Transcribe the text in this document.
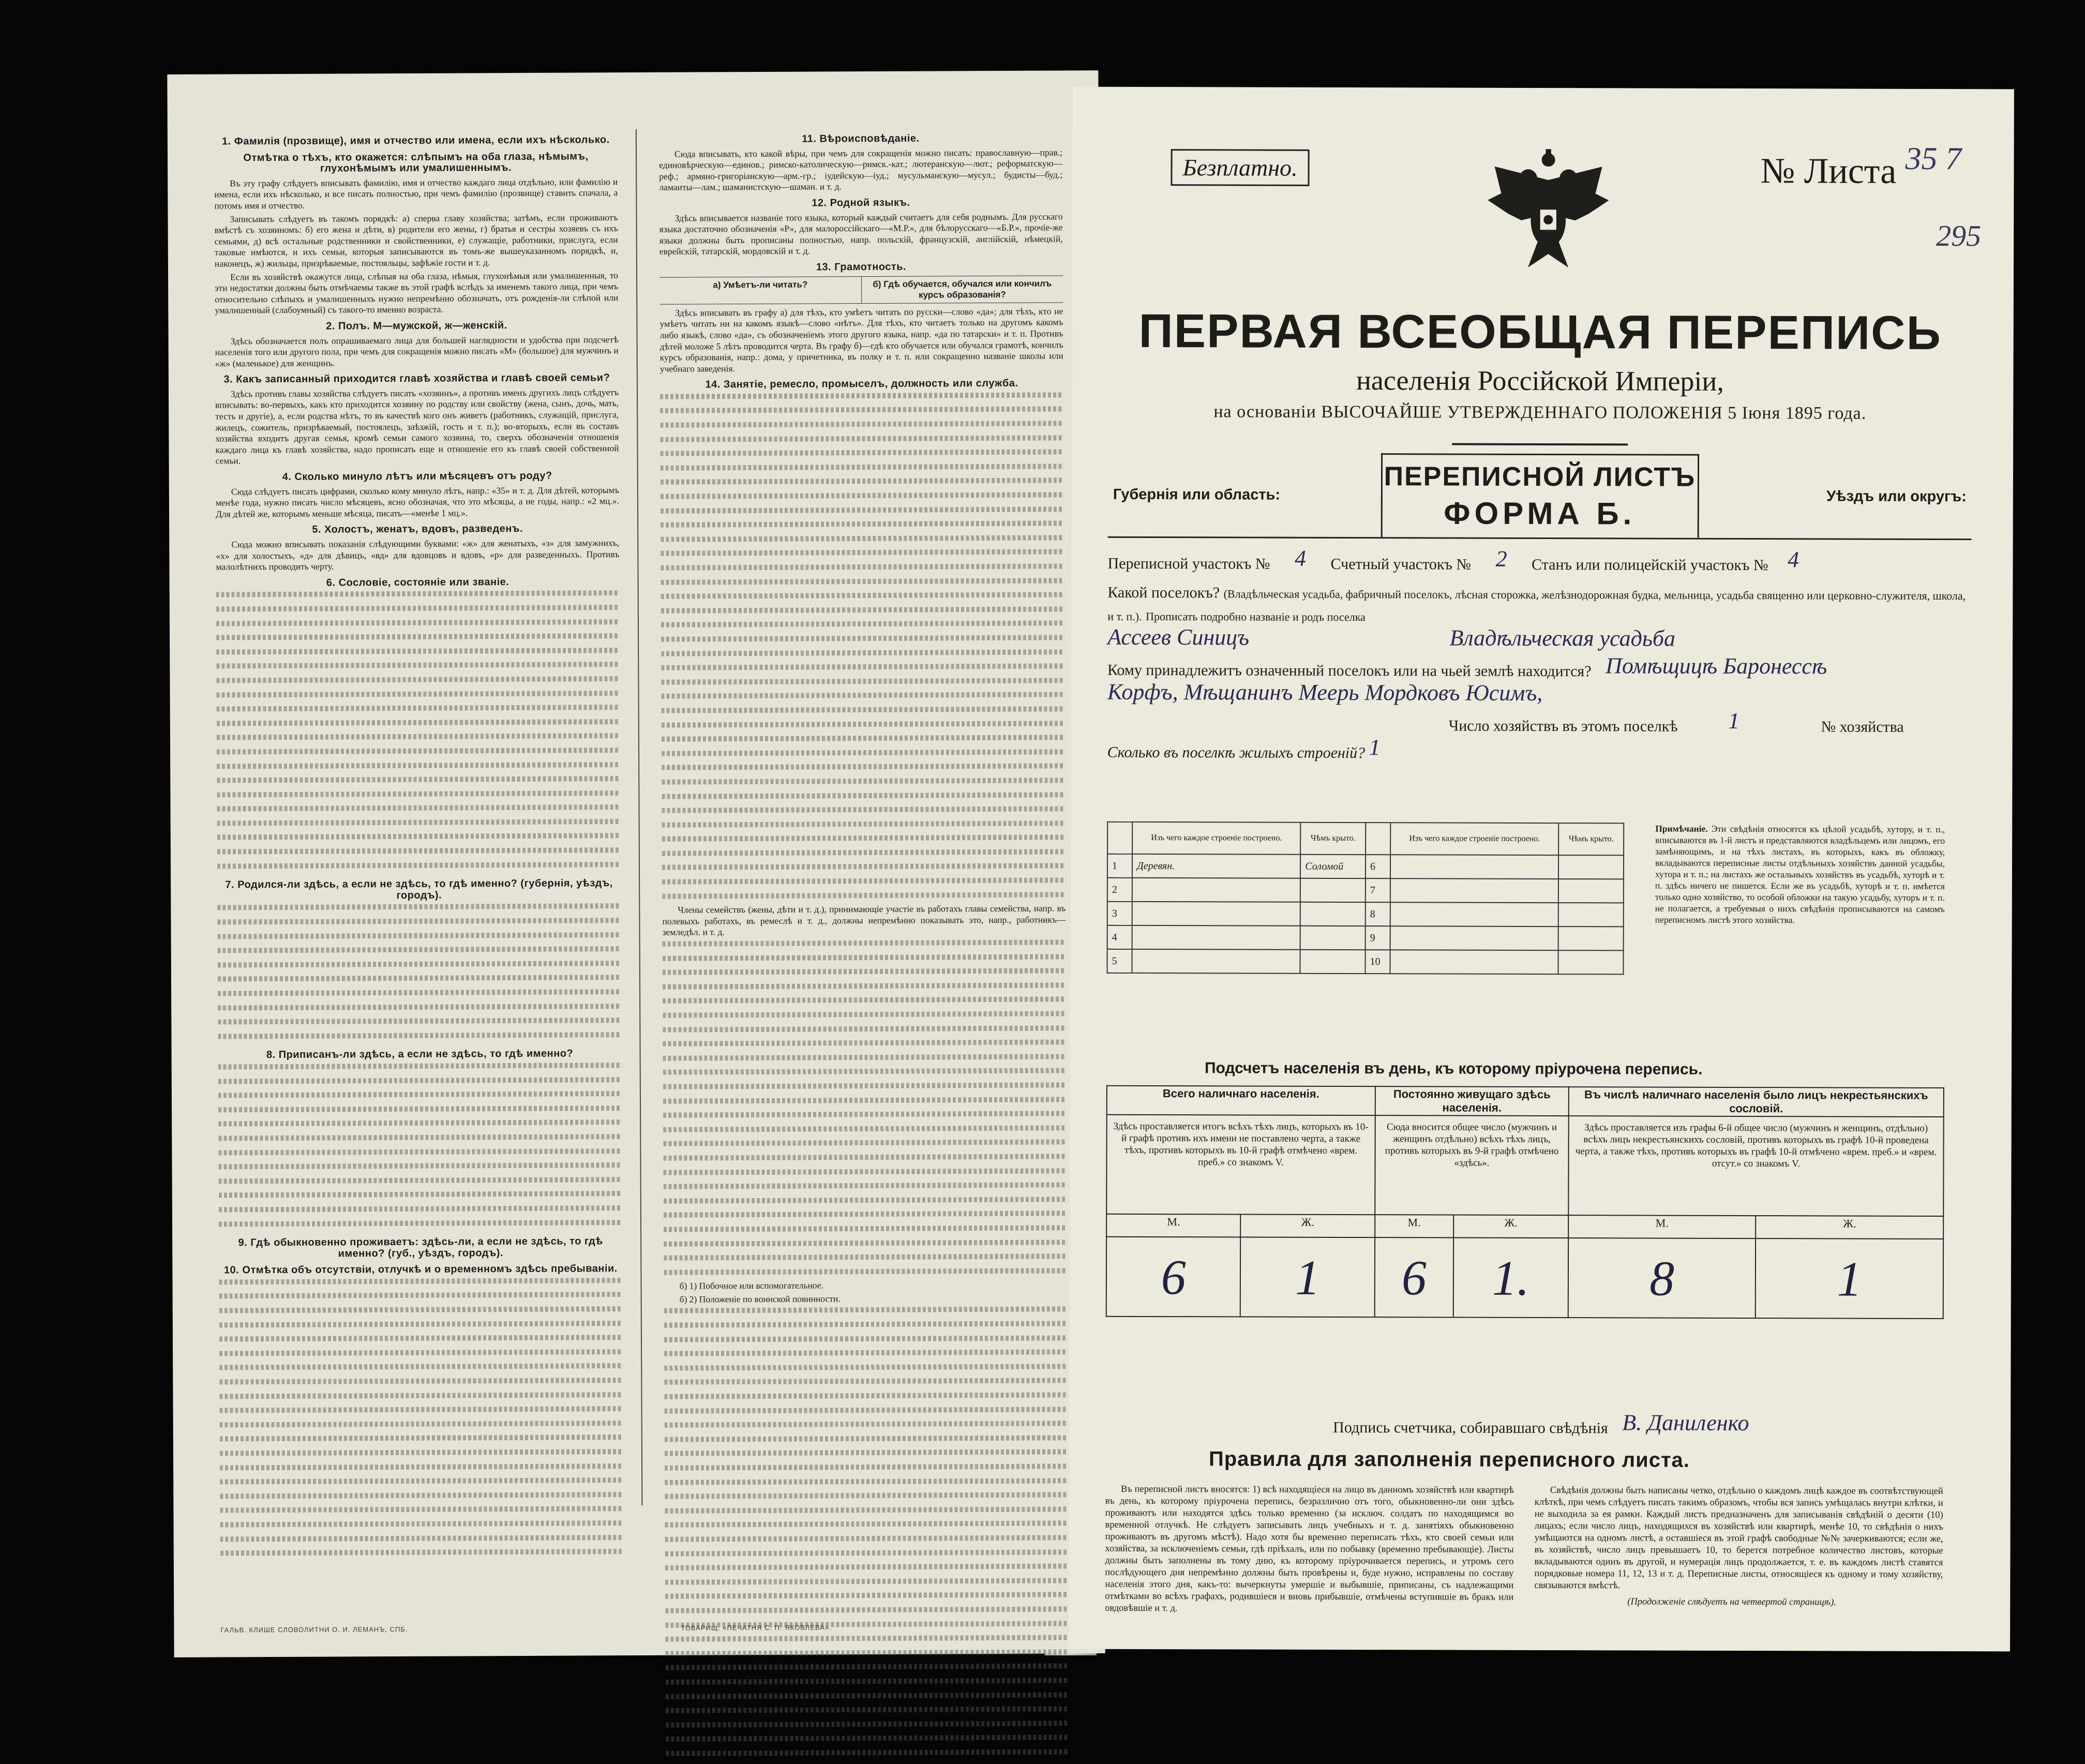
1. Фамилія (прозвище), имя и отчество или имена, если ихъ нѣсколько.
Отмѣтка о тѣхъ, кто окажется: слѣпымъ на оба глаза, нѣмымъ, глухонѣмымъ или умалишеннымъ.
Въ эту графу слѣдуетъ вписывать фамилію, имя и отчество каждаго лица отдѣльно, или фамилію и имена, если ихъ нѣсколько, и все писать полностью, при чемъ фамилію (прозвище) ставить спачала, а потомъ имя и отчество.
Записывать слѣдуетъ въ такомъ порядкѣ: а) сперва главу хозяйства; затѣмъ, если проживаютъ вмѣстѣ съ хозяиномъ: б) его жена и дѣти, в) родители его жены, г) братья и сестры хозяевъ съ ихъ семьями, д) всѣ остальные родственники и свойственники, е) служащіе, работники, прислуга, если таковые имѣются, и ихъ семьи, которыя записываются въ томъ-же вышеуказанномъ порядкѣ, и, наконецъ, ж) жильцы, призрѣваемые, постояльцы, зафѣжіе гости и т. д.
Если въ хозяйствѣ окажутся лица, слѣпыя на оба глаза, нѣмыя, глухонѣмыя или умалишенныя, то эти недостатки должны быть отмѣчаемы также въ этой графѣ вслѣдъ за именемъ такого лица, при чемъ относительно слѣпыхъ и умалишенныхъ нужно непремѣнно обозначать, отъ рожденія-ли слѣпой или умалишенный (слабоумный) съ такого-то именно возраста.
2. Полъ. М—мужской, ж—женскій.
Здѣсь обозначается полъ опрашиваемаго лица для большей наглядности и удобства при подсчетѣ населенія того или другого пола, при чемъ для сокращенія можно писать «М» (большое) для мужчинъ и «ж» (маленькое) для женщинъ.
3. Какъ записанный приходится главѣ хозяйства и главѣ своей семьи?
Здѣсь противъ главы хозяйства слѣдуетъ писать «хозяинъ», а противъ именъ другихъ лицъ слѣдуетъ вписывать: во-первыхъ, какъ кто приходится хозяину по родству или свойству (жена, сынъ, дочь, мать, тесть и другіе), а, если родства нѣтъ, то въ качествѣ кого онъ живетъ (работникъ, служащій, прислуга, жилецъ, сожитель, призрѣваемый, постоялецъ, заѣзжій, гость и т. п.); во-вторыхъ, если въ составъ хозяйства входитъ другая семья, кромѣ семьи самого хозяина, то, сверхъ обозначенія отношенія каждаго лица къ главѣ хозяйства, надо прописать еще и отношеніе его къ главѣ своей собственной семьи.
4. Сколько минуло лѣтъ или мѣсяцевъ отъ роду?
Сюда слѣдуетъ писать цифрами, сколько кому минуло лѣтъ, напр.: «35» и т. д. Для дѣтей, которымъ менѣе года, нужно писать число мѣсяцевъ, ясно обозначая, что это мѣсяцы, а не годы, напр.: «2 мц.». Для дѣтей же, которымъ меньше мѣсяца, писать—«менѣе 1 мц.».
5. Холостъ, женатъ, вдовъ, разведенъ.
Сюда можно вписывать показанія слѣдующими буквами: «ж» для женатыхъ, «з» для замужнихъ, «х» для холостыхъ, «д» для дѣвицъ, «вд» для вдовцовъ и вдовъ, «р» для разведенныхъ. Противъ малолѣтнихъ проводить черту.
6. Сословіе, состояніе или званіе.
7. Родился-ли здѣсь, а если не здѣсь, то гдѣ именно? (губернія, уѣздъ, городъ).
8. Приписанъ-ли здѣсь, а если не здѣсь, то гдѣ именно?
9. Гдѣ обыкновенно проживаетъ: здѣсь-ли, а если не здѣсь, то гдѣ именно? (губ., уѣздъ, городъ).
10. Отмѣтка объ отсутствіи, отлучкѣ и о временномъ здѣсь пребываніи.
11. Вѣроисповѣданіе.
Сюда вписывать, кто какой вѣры, при чемъ для сокращенія можно писать: православную—прав.; единовѣрческую—единов.; римско-католическую—римск.-кат.; лютеранскую—лют.; реформатскую—реф.; армяно-григоріанскую—арм.-гр.; іудейскую—іуд.; мусульманскую—мусул.; будисты—буд.; ламаиты—лам.; шаманистскую—шаман. и т. д.
12. Родной языкъ.
Здѣсь вписывается названіе того языка, который каждый считаетъ для себя роднымъ. Для русскаго языка достаточно обозначенія «Р», для малороссійскаго—«М.Р.», для бѣлорусскаго—«Б.Р.», прочіе-же языки должны быть прописаны полностью, напр. польскій, французскій, англійскій, нѣмецкій, еврейскій, татарскій, мордовскій и т. д.
13. Грамотность.
а) Умѣетъ-ли читать?	б) Гдѣ обучается, обучался или кончилъ курсъ образованія?
Здѣсь вписывать въ графу а) для тѣхъ, кто умѣетъ читать по русски—слово «да»; для тѣхъ, кто не умѣетъ читать ни на какомъ языкѣ—слово «нѣтъ». Для тѣхъ, кто читаетъ только на другомъ какомъ либо языкѣ, слово «да», съ обозначеніемъ этого другого языка, напр. «да по татарски» и т. п. Противъ дѣтей моложе 5 лѣтъ проводится черта. Въ графу б)—гдѣ кто обучается или обучался грамотѣ, кончилъ курсъ образованія, напр.: дома, у причетника, въ полку и т. п. или сокращенно названіе школы или учебнаго заведенія.
14. Занятіе, ремесло, промыселъ, должность или служба.
Члены семействъ (жены, дѣти и т. д.), принимающіе участіе въ работахъ главы семейства, напр. въ полевыхъ работахъ, въ ремеслѣ и т. д., должны непремѣнно показывать это, напр., работникъ—земледѣл. и т. д.
б) 1) Побочное или вспомогательное.
б) 2) Положеніе по воинской повинности.
ГАЛЬВ. КЛИШЕ СЛОВОЛИТНИ О. И. ЛЕМАНЪ, СПБ.	ТОВАРИЩ. «ПЕЧАТНЯ С. П. ЯКОВЛЕВА».
Безплатно.	№ Листа 35 7
295
ПЕРВАЯ ВСЕОБЩАЯ ПЕРЕПИСЬ
населенія Россійской Имперіи,
на основаніи ВЫСОЧАЙШЕ УТВЕРЖДЕННАГО ПОЛОЖЕНІЯ 5 Іюня 1895 года.
Губернія или область:
ПЕРЕПИСНОЙ ЛИСТЪ
ФОРМА Б.	Уѣздъ или округъ:
Переписной участокъ № 4 Счетный участокъ № 2 Станъ или полицейскій участокъ № 4
Какой поселокъ? (Владѣльческая усадьба, фабричный поселокъ, лѣсная сторожка, желѣзнодорожная будка, мельница, усадьба священно или церковно-служителя, школа, и т. п.). Прописать подробно названіе и родъ поселка
Ассеев Синицъ	Владѣльческая усадьба
Кому принадлежитъ означенный поселокъ или на чьей землѣ находится? Помѣщицѣ Баронессѣ
Корфъ, Мѣщанинъ Меерь Мордковъ Юсимъ,
Число хозяйствъ въ этомъ поселкѣ 1	№ хозяйства
Сколько въ поселкѣ жилыхъ строеній? 1
	Изъ чего каждое строеніе построено.	Чѣмъ крыто.		Изъ чего каждое строеніе построено.	Чѣмъ крыто.
1	Деревян.	Соломой	6		
2			7		
3			8		
4			9		
5			10		
Примѣчаніе. Эти свѣдѣнія относятся къ цѣлой усадьбѣ, хутору, и т. п., вписываются въ 1-й листъ и представляются владѣльцемъ или лицомъ, его замѣняющимъ, и на тѣхъ листахъ, въ которыхъ, какъ въ обложку, вкладываются переписные листы отдѣльныхъ хозяйствъ данной усадьбы, хутора и т. п.; на листахъ же остальныхъ хозяйствъ въ усадьбѣ, хуторѣ и т. п. здѣсь ничего не пишется. Если же въ усадьбѣ, хуторѣ и т. п. имѣется только одно хозяйство, то особой обложки на такую усадьбу, хуторъ и т. п. не полагается, а требуемыя о нихъ свѣдѣнія прописываются на самомъ переписномъ листѣ этого хозяйства.
Подсчетъ населенія въ день, къ которому пріурочена перепись.
Всего наличнаго населенія.		Постоянно живущаго здѣсь населенія.		Въ числѣ наличнаго населенія было лицъ некрестьянскихъ сословій.	
Здѣсь проставляется итогъ всѣхъ тѣхъ лицъ, которыхъ въ 10-й графѣ противъ ихъ имени не поставлено черта, а также тѣхъ, противъ которыхъ въ 10-й графѣ отмѣчено «врем. преб.» со знакомъ V.		Сюда вносится общее число (мужчинъ и женщинъ отдѣльно) всѣхъ тѣхъ лицъ, противъ которыхъ въ 9-й графѣ отмѣчено «здѣсь».		Здѣсь проставляется изъ графы 6-й общее число (мужчинъ и женщинъ, отдѣльно) всѣхъ лицъ некрестьянскихъ сословій, противъ которыхъ въ графѣ 10-й проведена черта, а также тѣхъ, противъ которыхъ въ графѣ 10-й отмѣчено «врем. преб.» и «врем. отсут.» со знакомъ V.	
М.	Ж.	М.	Ж.	М.	Ж.
6	1	6	1.	8	1
Подпись счетчика, собиравшаго свѣдѣнія В. Даниленко
Правила для заполненія переписного листа.
Въ переписной листъ вносятся: 1) всѣ находящіеся на лицо въ данномъ хозяйствѣ или квартирѣ въ день, къ которому пріурочена перепись, безразлично отъ того, обыкновенно-ли они здѣсь проживаютъ или находятся здѣсь только временно (за исключ. солдатъ по находящимся во временной отлучкѣ. Не слѣдуетъ записывать лицъ учебныхъ и т. д. занятіяхъ обыкновенно проживаютъ въ другомъ мѣстѣ). Надо хотя бы временно переписать тѣхъ, кто своей семьи или хозяйства, за исключеніемъ семьи, гдѣ пріѣхалъ, или по побывку (временно пребывающіе). Листы должны быть заполнены въ тому дню, къ которому пріурочивается перепись, и утромъ сего послѣдующего дня непремѣнно должны быть провѣрены и, буде нужно, исправлены по составу населенія этого дня, какъ-то: вычеркнуты умершіе и выбывшіе, приписаны, съ надлежащими отмѣтками во всѣхъ графахъ, родившіеся и вновь прибывшіе, отмѣчены вступившіе въ бракъ или овдовѣвшіе и т. д.
Свѣдѣнія должны быть написаны четко, отдѣльно о каждомъ лицѣ каждое въ соотвѣтствующей клѣткѣ, при чемъ слѣдуетъ писать такимъ образомъ, чтобы вся запись умѣщалась внутри клѣтки, и не выходила за ея рамки. Каждый листъ предназначенъ для записыванія свѣдѣній о десяти (10) лицахъ; если число лицъ, находящихся въ хозяйствѣ или квартирѣ, менѣе 10, то свѣдѣнія о нихъ умѣщаются на одномъ листѣ, а оставшіеся въ этой графѣ свободные №№ зачеркиваются; если же, въ хозяйствѣ, число лицъ превышаетъ 10, то берется потребное количество листовъ, которые вкладываются одинъ въ другой, и нумерація лицъ продолжается, т. е. въ каждомъ листѣ ставятся порядковые номера 11, 12, 13 и т. д. Переписные листы, относящіеся къ одному и тому хозяйству, связываются вмѣстѣ.
(Продолженіе слѣдуетъ на четвертой страницѣ).
